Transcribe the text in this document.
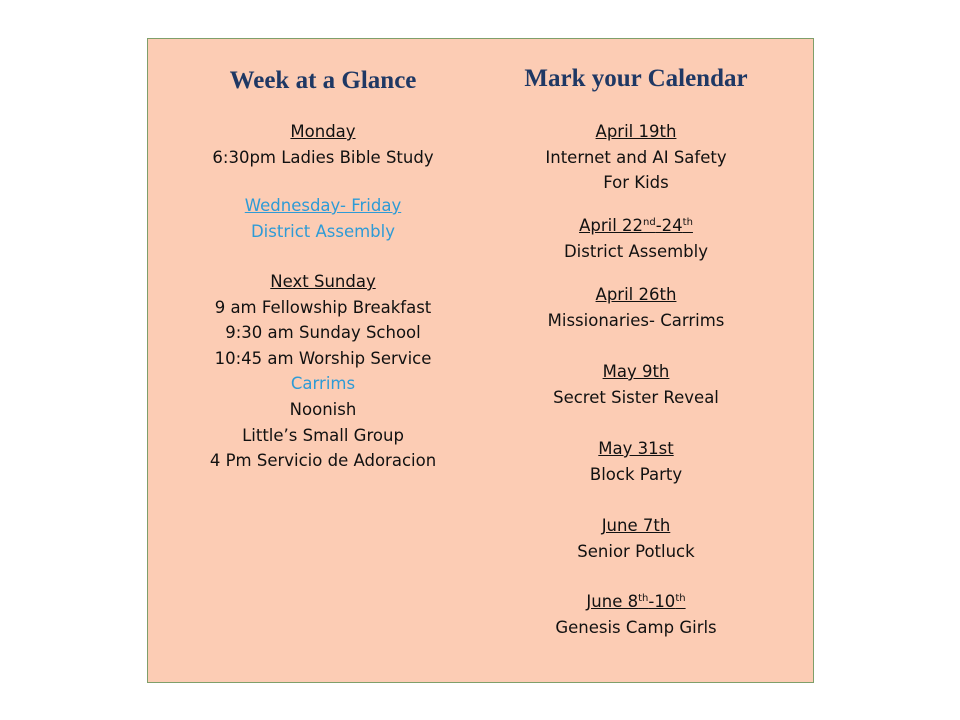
Week at a Glance
Monday
6:30pm Ladies Bible Study
Wednesday- Friday
District Assembly
Next Sunday
9 am Fellowship Breakfast
9:30 am Sunday School
10:45 am Worship Service
Carrims
Noonish
Little’s Small Group
4 Pm Servicio de Adoracion
Mark your Calendar
April 19th
Internet and AI Safety
For Kids
April 22nd-24th
District Assembly
April 26th
Missionaries- Carrims
May 9th
Secret Sister Reveal
May 31st
Block Party
June 7th
Senior Potluck
June 8th-10th
Genesis Camp Girls
